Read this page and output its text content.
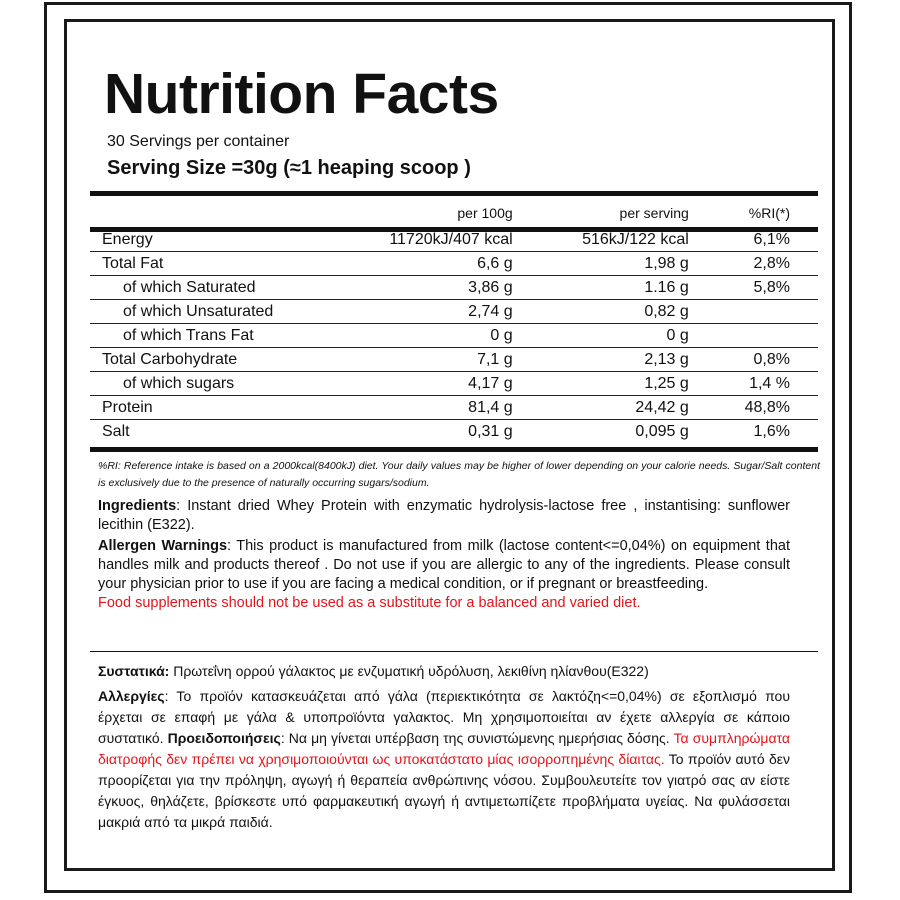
Nutrition Facts
30 Servings per container
Serving Size =30g (≈1 heaping scoop )
	per 100g	per serving	%RI(*)
Energy	11720kJ/407 kcal	516kJ/122 kcal	6,1%
Total Fat	6,6 g	1,98 g	2,8%
of which Saturated	3,86 g	1.16 g	5,8%
of which Unsaturated	2,74 g	0,82 g	
of which Trans Fat	0 g	0 g	
Total Carbohydrate	7,1 g	2,13 g	0,8%
of which sugars	4,17 g	1,25 g	1,4 %
Protein	81,4 g	24,42 g	48,8%
Salt	0,31 g	0,095 g	1,6%
%RI: Reference intake is based on a 2000kcal(8400kJ) diet. Your daily values may be higher of lower depending on your calorie needs. Sugar/Salt content is exclusively due to the presence of naturally occurring sugars/sodium.
Ingredients: Instant dried Whey Protein with enzymatic hydrolysis-lactose free , instantising: sunflower lecithin (E322).
Allergen Warnings: This product is manufactured from milk (lactose content<=0,04%) on equipment that handles milk and products thereof . Do not use if you are allergic to any of the ingredients. Please consult your physician prior to use if you are facing a medical condition, or if pregnant or breastfeeding.
Food supplements should not be used as a substitute for a balanced and varied diet.
Συστατικά: Πρωτεΐνη ορρού γάλακτος με ενζυματική υδρόλυση, λεκιθίνη ηλίανθου(E322)
Αλλεργίες: Το προϊόν κατασκευάζεται από γάλα (περιεκτικότητα σε λακτόζη<=0,04%) σε εξοπλισμό που έρχεται σε επαφή με γάλα & υποπροϊόντα γαλακτος. Μη χρησιμοποιείται αν έχετε αλλεργία σε κάποιο συστατικό. Προειδοποιήσεις: Να μη γίνεται υπέρβαση της συνιστώμενης ημερήσιας δόσης. Τα συμπληρώματα διατροφής δεν πρέπει να χρησιμοποιούνται ως υποκατάστατο μίας ισορροπημένης δίαιτας. Το προϊόν αυτό δεν προορίζεται για την πρόληψη, αγωγή ή θεραπεία ανθρώπινης νόσου. Συμβουλευτείτε τον γιατρό σας αν είστε έγκυος, θηλάζετε, βρίσκεστε υπό φαρμακευτική αγωγή ή αντιμετωπίζετε προβλήματα υγείας. Να φυλάσσεται μακριά από τα μικρά παιδιά.
